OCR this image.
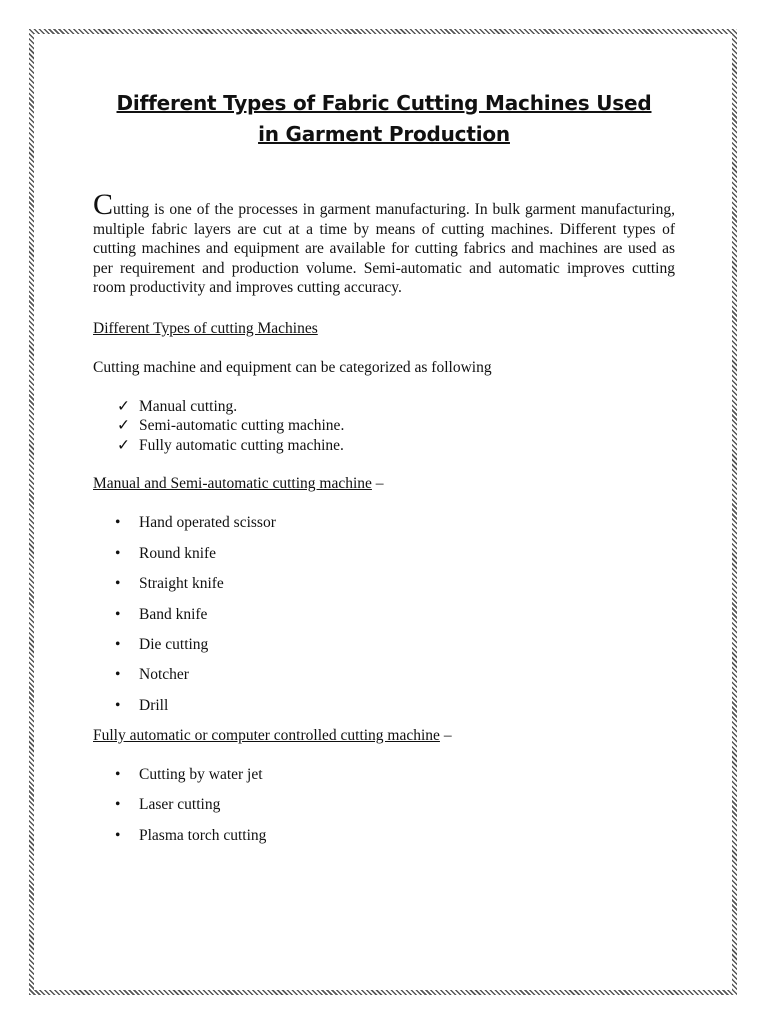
Different Types of Fabric Cutting Machines Used
in Garment Production

Cutting is one of the processes in garment manufacturing. In bulk garment manufacturing, multiple fabric layers are cut at a time by means of cutting machines. Different types of cutting machines and equipment are available for cutting fabrics and machines are used as per requirement and production volume. Semi-automatic and automatic improves cutting room productivity and improves cutting accuracy.

Different Types of cutting Machines
Cutting machine and equipment can be categorized as following
✓ Manual cutting.
✓ Semi-automatic cutting machine.
✓ Fully automatic cutting machine.
Manual and Semi-automatic cutting machine –
• Hand operated scissor
• Round knife
• Straight knife
• Band knife
• Die cutting
• Notcher
• Drill
Fully automatic or computer controlled cutting machine –
• Cutting by water jet
• Laser cutting
• Plasma torch cutting
